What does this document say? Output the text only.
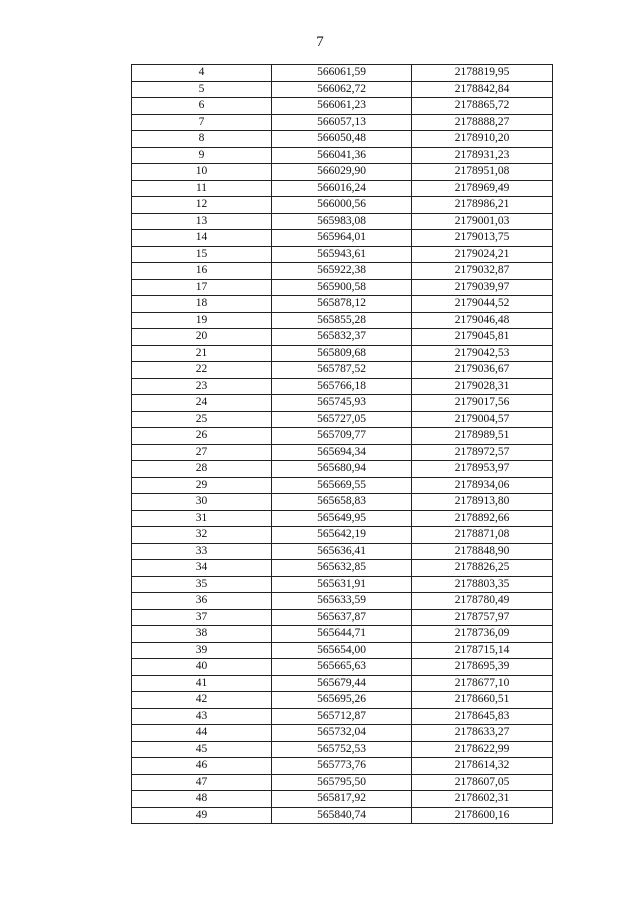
7
4	566061,59	2178819,95
5	566062,72	2178842,84
6	566061,23	2178865,72
7	566057,13	2178888,27
8	566050,48	2178910,20
9	566041,36	2178931,23
10	566029,90	2178951,08
11	566016,24	2178969,49
12	566000,56	2178986,21
13	565983,08	2179001,03
14	565964,01	2179013,75
15	565943,61	2179024,21
16	565922,38	2179032,87
17	565900,58	2179039,97
18	565878,12	2179044,52
19	565855,28	2179046,48
20	565832,37	2179045,81
21	565809,68	2179042,53
22	565787,52	2179036,67
23	565766,18	2179028,31
24	565745,93	2179017,56
25	565727,05	2179004,57
26	565709,77	2178989,51
27	565694,34	2178972,57
28	565680,94	2178953,97
29	565669,55	2178934,06
30	565658,83	2178913,80
31	565649,95	2178892,66
32	565642,19	2178871,08
33	565636,41	2178848,90
34	565632,85	2178826,25
35	565631,91	2178803,35
36	565633,59	2178780,49
37	565637,87	2178757,97
38	565644,71	2178736,09
39	565654,00	2178715,14
40	565665,63	2178695,39
41	565679,44	2178677,10
42	565695,26	2178660,51
43	565712,87	2178645,83
44	565732,04	2178633,27
45	565752,53	2178622,99
46	565773,76	2178614,32
47	565795,50	2178607,05
48	565817,92	2178602,31
49	565840,74	2178600,16
